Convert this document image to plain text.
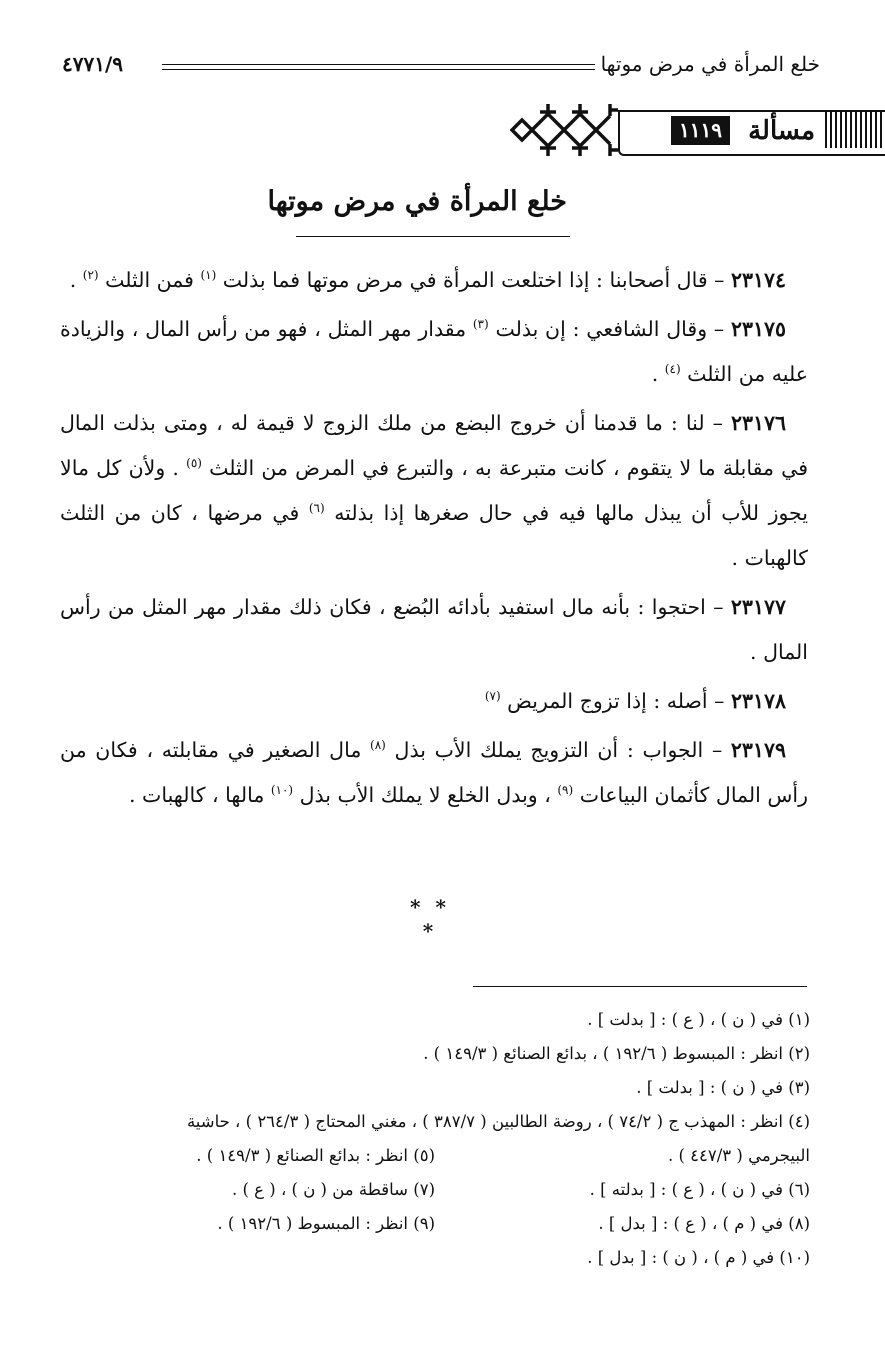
خلع المرأة في مرض موتها
٤٧٧١/٩
مسألة
١١١٩
خلع المرأة في مرض موتها

٢٣١٧٤ – قال أصحابنا : إذا اختلعت المرأة في مرض موتها فما بذلت $^{(١)}$ فمن الثلث $^{(٢)}$ .

٢٣١٧٥ – وقال الشافعي : إن بذلت $^{(٣)}$ مقدار مهر المثل ، فهو من رأس المال ، والزيادة عليه من الثلث $^{(٤)}$ .

٢٣١٧٦ – لنا : ما قدمنا أن خروج البضع من ملك الزوج لا قيمة له ، ومتى بذلت المال في مقابلة ما لا يتقوم ، كانت متبرعة به ، والتبرع في المرض من الثلث $^{(٥)}$ . ولأن كل مالا يجوز للأب أن يبذل مالها فيه في حال صغرها إذا بذلته $^{(٦)}$ في مرضها ، كان من الثلث كالهبات .

٢٣١٧٧ – احتجوا : بأنه مال استفيد بأدائه البُضع ، فكان ذلك مقدار مهر المثل من رأس المال .

٢٣١٧٨ – أصله : إذا تزوج المريض $^{(٧)}$

٢٣١٧٩ – الجواب : أن التزويج يملك الأب بذل $^{(٨)}$ مال الصغير في مقابلته ، فكان من رأس المال كأثمان البياعات $^{(٩)}$ ، وبدل الخلع لا يملك الأب بذل $^{(١٠)}$ مالها ، كالهبات .

* * *
(١) في ( ن ) ، ( ع ) : [ بدلت ] .
(٢) انظر : المبسوط ( ١٩٢/٦ ) ، بدائع الصنائع ( ١٤٩/٣ ) .
(٣) في ( ن ) : [ بدلت ] .
(٤) انظر : المهذب ج ( ٧٤/٢ ) ، روضة الطالبين ( ٣٨٧/٧ ) ، مغني المحتاج ( ٢٦٤/٣ ) ، حاشية
البيجرمي ( ٤٤٧/٣ ) .(٥) انظر : بدائع الصنائع ( ١٤٩/٣ ) .
(٦) في ( ن ) ، ( ع ) : [ بدلته ] .(٧) ساقطة من ( ن ) ، ( ع ) .
(٨) في ( م ) ، ( ع ) : [ بدل ] .(٩) انظر : المبسوط ( ١٩٢/٦ ) .
(١٠) في ( م ) ، ( ن ) : [ بدل ] .
